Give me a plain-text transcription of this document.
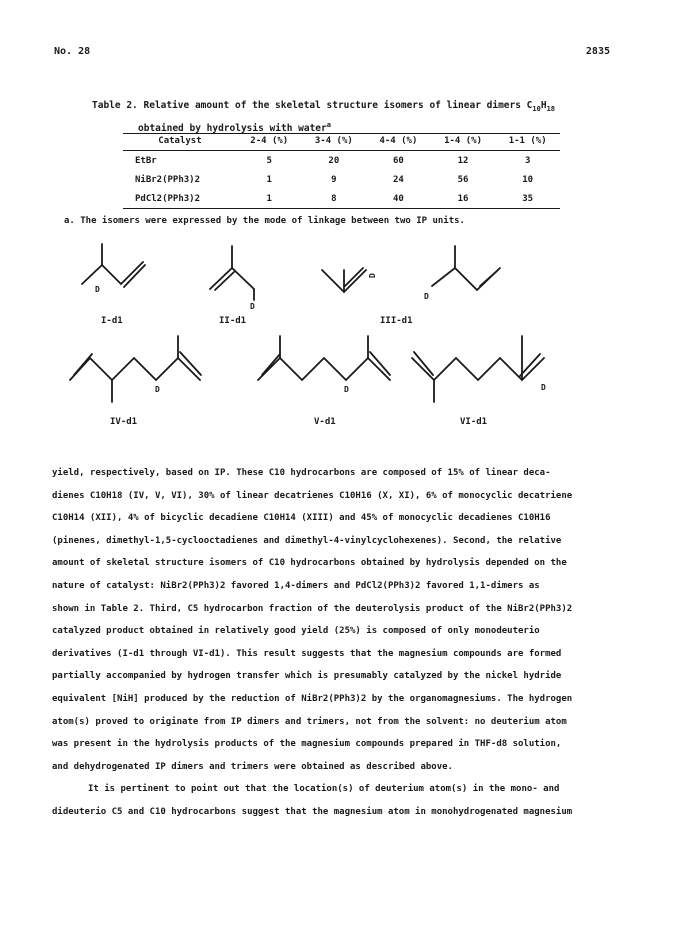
No. 28	2835
Table 2. Relative amount of the skeletal structure isomers of linear dimers $C_{10}H_{18}$
obtained by hydrolysis with water$^a$
Catalyst	2-4 (%)	3-4 (%)	4-4 (%)	1-4 (%)	1-1 (%)
EtBr	5	20	60	12	3
NiBr2(PPh3)2	1	9	24	56	10
PdCl2(PPh3)2	1	8	40	16	35
a. The isomers were expressed by the mode of linkage between two IP units.
D
D
D
D
D	D	D
I-d1	II-d1	III-d1
IV-d1	V-d1	VI-d1

yield, respectively, based on IP. These C10 hydrocarbons are composed of 15% of linear deca-
dienes C10H18 (IV, V, VI), 30% of linear decatrienes C10H16 (X, XI), 6% of monocyclic decatriene
C10H14 (XII), 4% of bicyclic decadiene C10H14 (XIII) and 45% of monocyclic decadienes C10H16
(pinenes, dimethyl-1,5-cyclooctadienes and dimethyl-4-vinylcyclohexenes). Second, the relative
amount of skeletal structure isomers of C10 hydrocarbons obtained by hydrolysis depended on the
nature of catalyst: NiBr2(PPh3)2 favored 1,4-dimers and PdCl2(PPh3)2 favored 1,1-dimers as
shown in Table 2. Third, C5 hydrocarbon fraction of the deuterolysis product of the NiBr2(PPh3)2
catalyzed product obtained in relatively good yield (25%) is composed of only monodeuterio
derivatives (I-d1 through VI-d1). This result suggests that the magnesium compounds are formed
partially accompanied by hydrogen transfer which is presumably catalyzed by the nickel hydride
equivalent [NiH] produced by the reduction of NiBr2(PPh3)2 by the organomagnesiums. The hydrogen
atom(s) proved to originate from IP dimers and trimers, not from the solvent: no deuterium atom
was present in the hydrolysis products of the magnesium compounds prepared in THF-d8 solution,
and dehydrogenated IP dimers and trimers were obtained as described above.

It is pertinent to point out that the location(s) of deuterium atom(s) in the mono- and
dideuterio C5 and C10 hydrocarbons suggest that the magnesium atom in monohydrogenated magnesium
